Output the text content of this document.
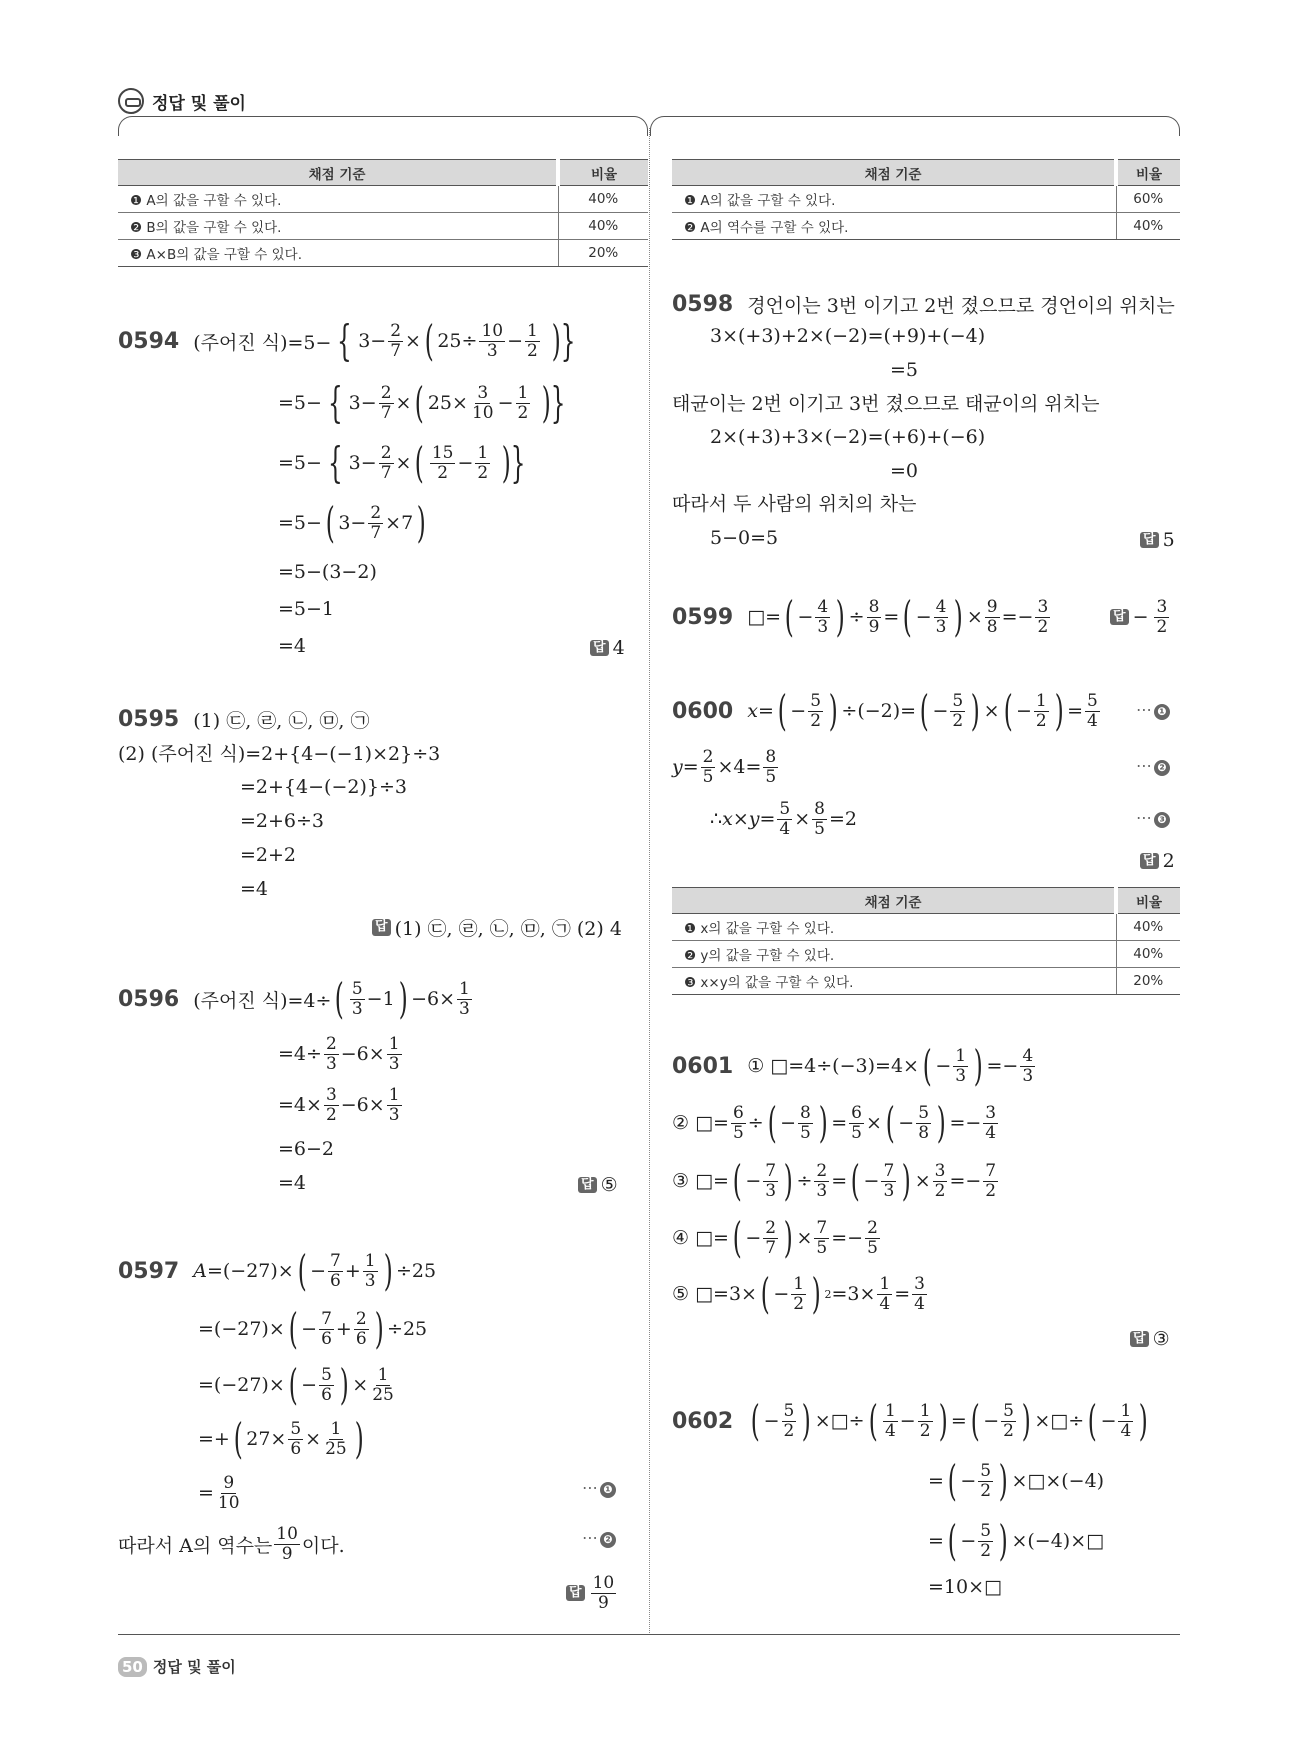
정답 및 풀이
채점 기준	비율
❶ A의 값을 구할 수 있다.	40%
❷ B의 값을 구할 수 있다.	40%
❸ A×B의 값을 구할 수 있다.	20%
채점 기준	비율
❶ A의 값을 구할 수 있다.	60%
❷ A의 역수를 구할 수 있다.	40%
0594 (주어진 식)=5− { 3− 2
7 × ( 25÷ 10
3 − 1
2 )}
=5− { 3− 2
7 × ( 25× 3
10 − 1
2 )}
=5− { 3− 2
7 × ( 15
2 − 1
2 )}
=5− ( 3− 2
7 ×7 )
=5−(3−2)
=5−1
=4	답 4
0595 (1) ㉢, ㉣, ㉡, ㉤, ㉠
(2) (주어진 식)=2+{4−(−1)×2}÷3
=2+{4−(−2)}÷3
=2+6÷3
=2+2
=4
답 (1) ㉢, ㉣, ㉡, ㉤, ㉠ (2) 4
0596 (주어진 식)=4÷ ( 5
3 −1 ) −6× 1
3
=4÷ 2
3 −6× 1
3
=4× 3
2 −6× 1
3
=6−2
=4	답 ⑤
0597 A =(−27)× ( − 7
6 + 1
3 ) ÷25
=(−27)× ( − 7
6 + 2
6 ) ÷25
=(−27)× ( − 5
6 ) × 1
25
=+ ( 27× 5
6 × 1
25 )
= 9
10
⋯ ❶
따라서 A의 역수는
10
9 이다.	⋯ ❷
답 10
9
0598 경언이는 3번 이기고 2번 졌으므로 경언이의 위치는
3×(+3)+2×(−2)=(+9)+(−4)
=5
태균이는 2번 이기고 3번 졌으므로 태균이의 위치는
2×(+3)+3×(−2)=(+6)+(−6)
=0
따라서 두 사람의 위치의 차는
5−0=5	답 5
0599 □= ( − 4
3 ) ÷ 8
9 = ( − 4
3 ) × 9
8 =− 3
2	답 − 3
2
0600 x = ( − 5
2 ) ÷(−2)= ( − 5
2 ) × ( − 1
2 ) = 5
4
⋯ ❶
y = 2
5 ×4= 8
5
⋯ ❷
∴ x × y = 5
4 × 8
5 =2	⋯ ❸
답 2
채점 기준	비율
❶ x의 값을 구할 수 있다.	40%
❷ y의 값을 구할 수 있다.	40%
❸ x×y의 값을 구할 수 있다.	20%
0601 ① □=4÷(−3)=4× ( − 1
3 ) =− 4
3
② □= 6
5 ÷ ( − 8
5 ) = 6
5 × ( − 5
8 ) =− 3
4
③ □= ( − 7
3 ) ÷ 2
3 = ( − 7
3 ) × 3
2 =− 7
2
④ □= ( − 2
7 ) × 7
5 =− 2
5
⑤ □=3× ( − 1
2 ) 2 =3× 1
4 = 3
4
답 ③
0602 ( − 5
2 ) ×□÷ ( 1
4 − 1
2 ) = ( − 5
2 ) ×□÷ ( − 1
4 )
= ( − 5
2 ) ×□×(−4)
= ( − 5
2 ) ×(−4)×□
=10×□
50 정답 및 풀이
